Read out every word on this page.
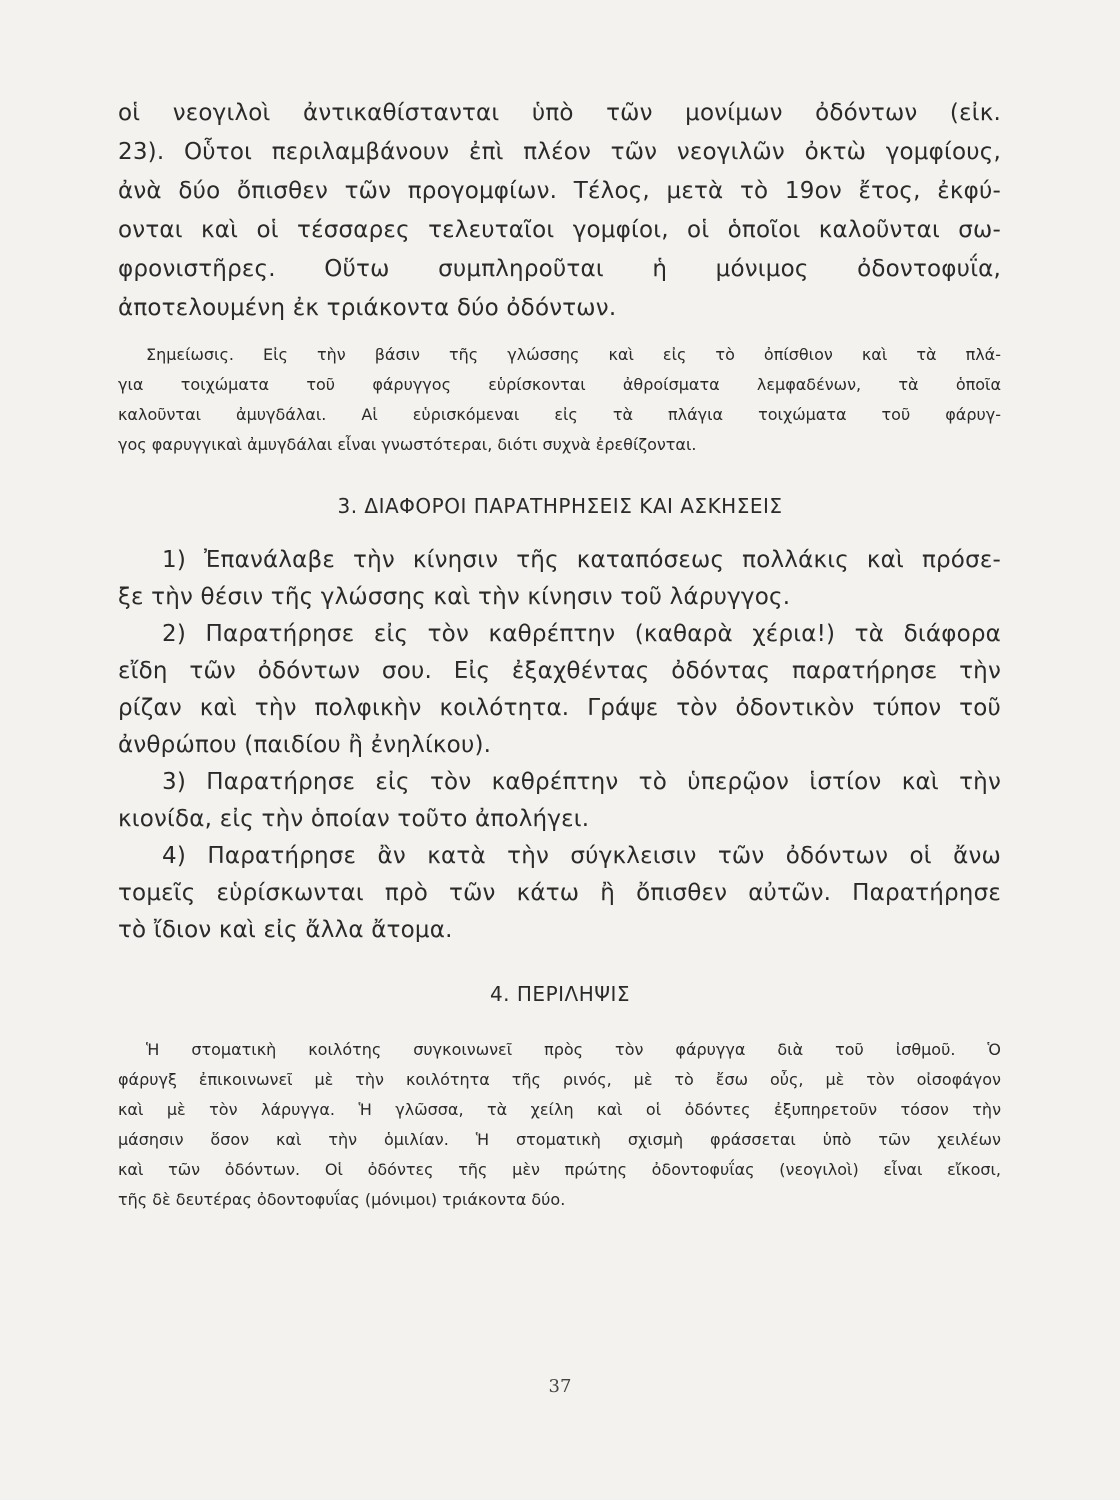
οἱ νεογιλοὶ ἀντικαθίστανται ὑπὸ τῶν μονίμων ὀδόντων (εἰκ.
23). Οὗτοι περιλαμβάνουν ἐπὶ πλέον τῶν νεογιλῶν ὀκτὼ γομφίους,
ἀνὰ δύο ὄπισθεν τῶν προγομφίων. Τέλος, μετὰ τὸ 19ον ἔτος, ἐκφύ-
ονται καὶ οἱ τέσσαρες τελευταῖοι γομφίοι, οἱ ὁποῖοι καλοῦνται σω-
φρονιστῆρες. Οὕτω συμπληροῦται ἡ μόνιμος ὀδοντοφυΐα,
ἀποτελουμένη ἐκ τριάκοντα δύο ὀδόντων.
Σημείωσις. Εἰς τὴν βάσιν τῆς γλώσσης καὶ εἰς τὸ ὀπίσθιον καὶ τὰ πλά-
για τοιχώματα τοῦ φάρυγγος εὑρίσκονται ἀθροίσματα λεμφαδένων, τὰ ὁποῖα
καλοῦνται ἀμυγδάλαι. Αἱ εὑρισκόμεναι εἰς τὰ πλάγια τοιχώματα τοῦ φάρυγ-
γος φαρυγγικαὶ ἀμυγδάλαι εἶναι γνωστότεραι, διότι συχνὰ ἐρεθίζονται.
3. ΔΙΑΦΟΡΟΙ ΠΑΡΑΤΗΡΗΣΕΙΣ ΚΑΙ ΑΣΚΗΣΕΙΣ
1) Ἐπανάλαβε τὴν κίνησιν τῆς καταπόσεως πολλάκις καὶ πρόσε-
ξε τὴν θέσιν τῆς γλώσσης καὶ τὴν κίνησιν τοῦ λάρυγγος.
2) Παρατήρησε εἰς τὸν καθρέπτην (καθαρὰ χέρια!) τὰ διάφορα
εἴδη τῶν ὀδόντων σου. Εἰς ἐξαχθέντας ὀδόντας παρατήρησε τὴν
ρίζαν καὶ τὴν πολφικὴν κοιλότητα. Γράψε τὸν ὀδοντικὸν τύπον τοῦ
ἀνθρώπου (παιδίου ἢ ἐνηλίκου).
3) Παρατήρησε εἰς τὸν καθρέπτην τὸ ὑπερῷον ἱστίον καὶ τὴν
κιονίδα, εἰς τὴν ὁποίαν τοῦτο ἀπολήγει.
4) Παρατήρησε ἂν κατὰ τὴν σύγκλεισιν τῶν ὀδόντων οἱ ἄνω
τομεῖς εὑρίσκωνται πρὸ τῶν κάτω ἢ ὄπισθεν αὐτῶν. Παρατήρησε
τὸ ἴδιον καὶ εἰς ἄλλα ἄτομα.
4. ΠΕΡΙΛΗΨΙΣ
Ἡ στοματικὴ κοιλότης συγκοινωνεῖ πρὸς τὸν φάρυγγα διὰ τοῦ ἰσθμοῦ. Ὁ
φάρυγξ ἐπικοινωνεῖ μὲ τὴν κοιλότητα τῆς ρινός, μὲ τὸ ἔσω οὖς, μὲ τὸν οἰσοφάγον
καὶ μὲ τὸν λάρυγγα. Ἡ γλῶσσα, τὰ χείλη καὶ οἱ ὀδόντες ἐξυπηρετοῦν τόσον τὴν
μάσησιν ὅσον καὶ τὴν ὁμιλίαν. Ἡ στοματικὴ σχισμὴ φράσσεται ὑπὸ τῶν χειλέων
καὶ τῶν ὀδόντων. Οἱ ὀδόντες τῆς μὲν πρώτης ὀδοντοφυΐας (νεογιλοὶ) εἶναι εἴκοσι,
τῆς δὲ δευτέρας ὀδοντοφυΐας (μόνιμοι) τριάκοντα δύο.
37
